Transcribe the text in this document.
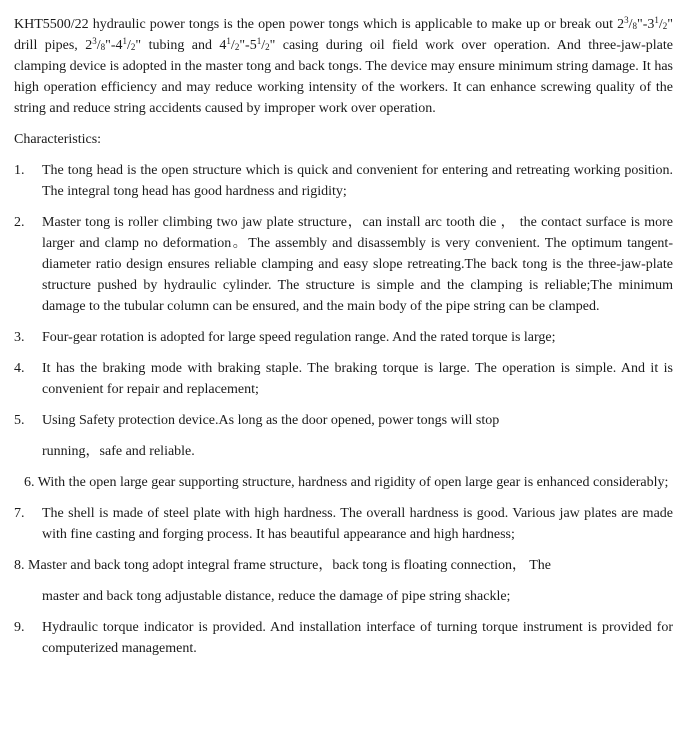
KHT5500/22 hydraulic power tongs is the open power tongs which is applicable to make up or break out $2^3/_8"-3^1/_2$" drill pipes, $2^3/_8"-4^1/_2$" tubing and $4^1/_2"-5^1/_2$" casing during oil field work over operation. And three-jaw-plate clamping device is adopted in the master tong and back tongs. The device may ensure minimum string damage. It has high operation efficiency and may reduce working intensity of the workers. It can enhance screwing quality of the string and reduce string accidents caused by improper work over operation.

Characteristics:

1. The tong head is the open structure which is quick and convenient for entering and retreating working position. The integral tong head has good hardness and rigidity;
2. Master tong is roller climbing two jaw plate structure，can install arc tooth die ， the contact surface is more larger and clamp no deformation。The assembly and disassembly is very convenient. The optimum tangent-diameter ratio design ensures reliable clamping and easy slope retreating.The back tong is the three-jaw-plate structure pushed by hydraulic cylinder. The structure is simple and the clamping is reliable;The minimum damage to the tubular column can be ensured, and the main body of the pipe string can be clamped.
3. Four-gear rotation is adopted for large speed regulation range. And the rated torque is large;
4. It has the braking mode with braking staple. The braking torque is large. The operation is simple. And it is convenient for repair and replacement;
5. Using Safety protection device.As long as the door opened, power tongs will stop
running，safe and reliable.
6. With the open large gear supporting structure, hardness and rigidity of open large gear is enhanced considerably;
7. The shell is made of steel plate with high hardness. The overall hardness is good. Various jaw plates are made with fine casting and forging process. It has beautiful appearance and high hardness;
8. Master and back tong adopt integral frame structure，back tong is floating connection， The
master and back tong adjustable distance, reduce the damage of pipe string shackle;
9. Hydraulic torque indicator is provided. And installation interface of turning torque instrument is provided for computerized management.
